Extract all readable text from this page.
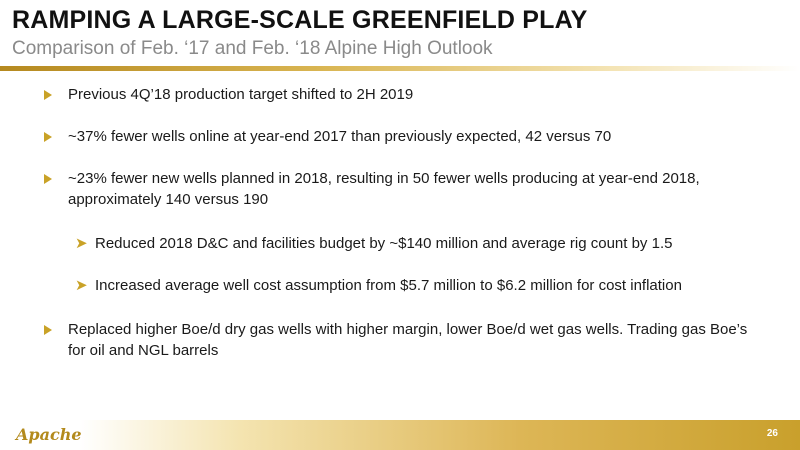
RAMPING A LARGE-SCALE GREENFIELD PLAY
Comparison of Feb. ‘17 and Feb. ‘18 Alpine High Outlook
Previous 4Q’18 production target shifted to 2H 2019
~37% fewer wells online at year-end 2017 than previously expected, 42 versus 70
~23% fewer new wells planned in 2018, resulting in 50 fewer wells producing at year-end 2018, approximately 140 versus 190
➤ Reduced 2018 D&C and facilities budget by ~$140 million and average rig count by 1.5
➤ Increased average well cost assumption from $5.7 million to $6.2 million for cost inflation
Replaced higher Boe/d dry gas wells with higher margin, lower Boe/d wet gas wells. Trading gas Boe’s for oil and NGL barrels
Apache	26
